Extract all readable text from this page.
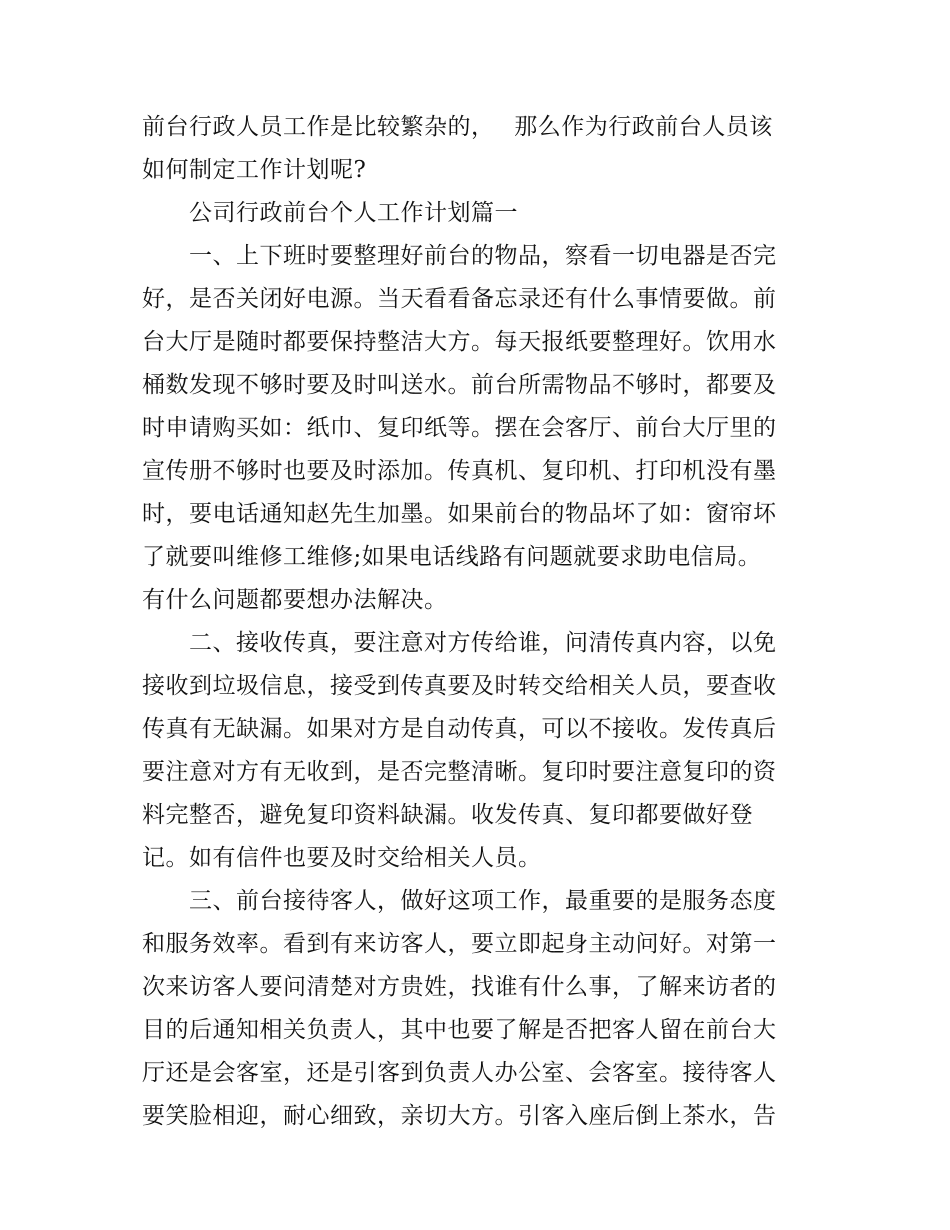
前台行政人员工作是比较繁杂的，　 那么作为行政前台人员该

如何制定工作计划呢?

公司行政前台个人工作计划篇一

一、上下班时要整理好前台的物品，察看一切电器是否完

好，是否关闭好电源。当天看看备忘录还有什么事情要做。前

台大厅是随时都要保持整洁大方。每天报纸要整理好。饮用水

桶数发现不够时要及时叫送水。前台所需物品不够时，都要及

时申请购买如：纸巾、复印纸等。摆在会客厅、前台大厅里的

宣传册不够时也要及时添加。传真机、复印机、打印机没有墨

时，要电话通知赵先生加墨。如果前台的物品坏了如：窗帘坏

了就要叫维修工维修;如果电话线路有问题就要求助电信局。

有什么问题都要想办法解决。

二、接收传真，要注意对方传给谁，问清传真内容，以免

接收到垃圾信息，接受到传真要及时转交给相关人员，要查收

传真有无缺漏。如果对方是自动传真，可以不接收。发传真后

要注意对方有无收到，是否完整清晰。复印时要注意复印的资

料完整否，避免复印资料缺漏。收发传真、复印都要做好登

记。如有信件也要及时交给相关人员。

三、前台接待客人，做好这项工作，最重要的是服务态度

和服务效率。看到有来访客人，要立即起身主动问好。对第一

次来访客人要问清楚对方贵姓，找谁有什么事，了解来访者的

目的后通知相关负责人，其中也要了解是否把客人留在前台大

厅还是会客室，还是引客到负责人办公室、会客室。接待客人

要笑脸相迎，耐心细致，亲切大方。引客入座后倒上茶水，告
